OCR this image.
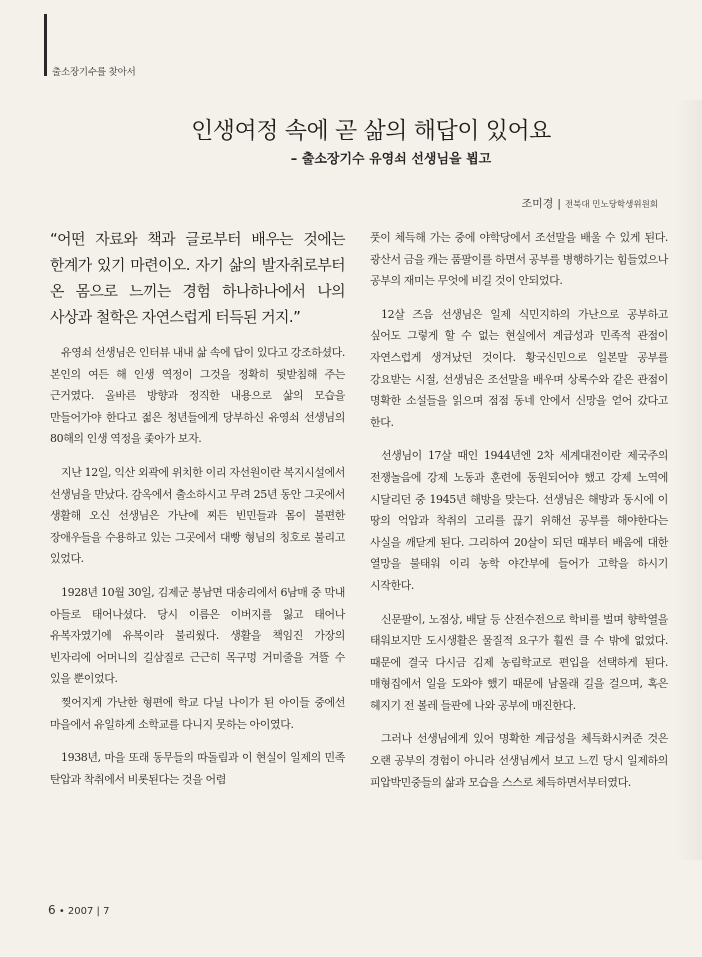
출소장기수를 찾아서
인생여정 속에 곧 삶의 해답이 있어요
– 출소장기수 유영쇠 선생님을 뵙고
조미경 | 전북대 민노당학생위원회

“어떤 자료와 책과 글로부터 배우는 것에는 한계가 있기 마련이오. 자기 삶의 발자취로부터 온 몸으로 느끼는 경험 하나하나에서 나의 사상과 철학은 자연스럽게 터득된 거지.”

유영쇠 선생님은 인터뷰 내내 삶 속에 답이 있다고 강조하셨다. 본인의 여든 해 인생 역정이 그것을 정확히 뒷받침해 주는 근거였다. 올바른 방향과 정직한 내용으로 삶의 모습을 만들어가야 한다고 젊은 청년들에게 당부하신 유영쇠 선생님의 80해의 인생 역정을 좇아가 보자.

지난 12일, 익산 외곽에 위치한 이리 자선원이란 복지시설에서 선생님을 만났다. 감옥에서 출소하시고 무려 25년 동안 그곳에서 생활해 오신 선생님은 가난에 찌든 빈민들과 몸이 불편한 장애우들을 수용하고 있는 그곳에서 대빵 형님의 칭호로 불리고 있었다.

1928년 10월 30일, 김제군 봉남면 대송리에서 6남매 중 막내 아들로 태어나셨다. 당시 이름은 이버지를 잃고 태어나 유복자였기에 유복이라 불리웠다. 생활을 책임진 가장의 빈자리에 어머니의 길삼질로 근근히 목구멍 거미줄을 겨뜰 수 있을 뿐이었다.

찢어지게 가난한 형편에 학교 다닐 나이가 된 아이들 중에선 마을에서 유일하게 소학교를 다니지 못하는 아이였다.

1938년, 마을 또래 동무들의 따돌림과 이 현실이 일제의 민족 탄압과 착취에서 비롯된다는 것을 어렴

풋이 체득해 가는 중에 야학당에서 조선말을 배울 수 있게 된다. 광산서 금을 캐는 품팔이를 하면서 공부를 병행하기는 힘들었으나 공부의 재미는 무엇에 비길 것이 안되었다.

12살 즈음 선생님은 일제 식민지하의 가난으로 공부하고 싶어도 그렇게 할 수 없는 현실에서 계급성과 민족적 관점이 자연스럽게 생겨났던 것이다. 황국신민으로 일본말 공부를 강요받는 시절, 선생님은 조선말을 배우며 상록수와 같은 관점이 명확한 소설들을 읽으며 점점 동네 안에서 신망을 얻어 갔다고 한다.

선생님이 17살 때인 1944년엔 2차 세계대전이란 제국주의 전쟁놀음에 강제 노동과 훈련에 동원되어야 했고 강제 노역에 시달리던 중 1945년 해방을 맞는다. 선생님은 해방과 동시에 이 땅의 억압과 착취의 고리를 끊기 위해선 공부를 해야한다는 사실을 깨닫게 된다. 그리하여 20살이 되던 때부터 배움에 대한 열망을 불태워 이리 농학 야간부에 들어가 고학을 하시기 시작한다.

신문팔이, 노점상, 배달 등 산전수전으로 학비를 벌며 향학열을 태워보지만 도시생활은 물질적 요구가 훨씬 클 수 밖에 없었다. 때문에 결국 다시금 김제 농림학교로 편입을 선택하게 된다. 매형집에서 일을 도와야 했기 때문에 남몰래 길을 걸으며, 혹은 헤지기 전 볼레 들판에 나와 공부에 매진한다.

그러나 선생님에게 있어 명확한 계급성을 체득화시켜준 것은 오랜 공부의 경험이 아니라 선생님께서 보고 느낀 당시 일제하의 피압박민중들의 삶과 모습을 스스로 체득하면서부터였다.

6 • 2007 | 7
